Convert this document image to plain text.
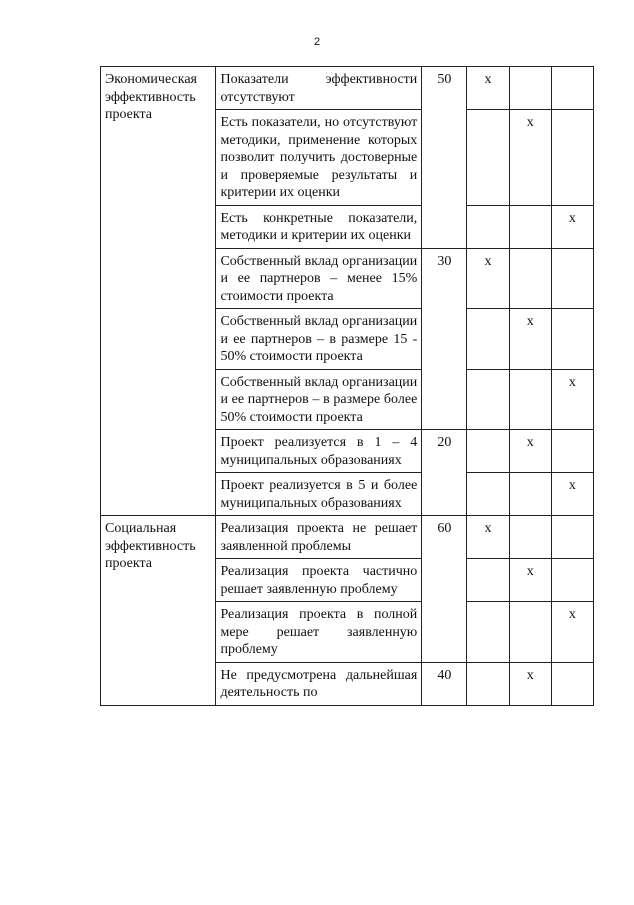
2
Экономическая эффективность проекта	Показатели эффективности отсутствуют	50	x		
	Есть показатели, но отсутствуют методики, применение которых позволит получить достоверные и проверяемые результаты и критерии их оценки			x	
	Есть конкретные показатели, методики и критерии их оценки				x
	Собственный вклад организации и ее партнеров – менее 15% стоимости проекта	30	x		
	Собственный вклад организации и ее партнеров – в размере 15 - 50% стоимости проекта			x	
	Собственный вклад организации и ее партнеров – в размере более 50% стоимости проекта				x
	Проект реализуется в 1 – 4 муниципальных образованиях	20		x	
	Проект реализуется в 5 и более муниципальных образованиях				x
Социальная эффективность проекта	Реализация проекта не решает заявленной проблемы	60	x		
	Реализация проекта частично решает заявленную проблему			x	
	Реализация проекта в полной мере решает заявленную проблему				x
	Не предусмотрена дальнейшая деятельность по	40		x	
